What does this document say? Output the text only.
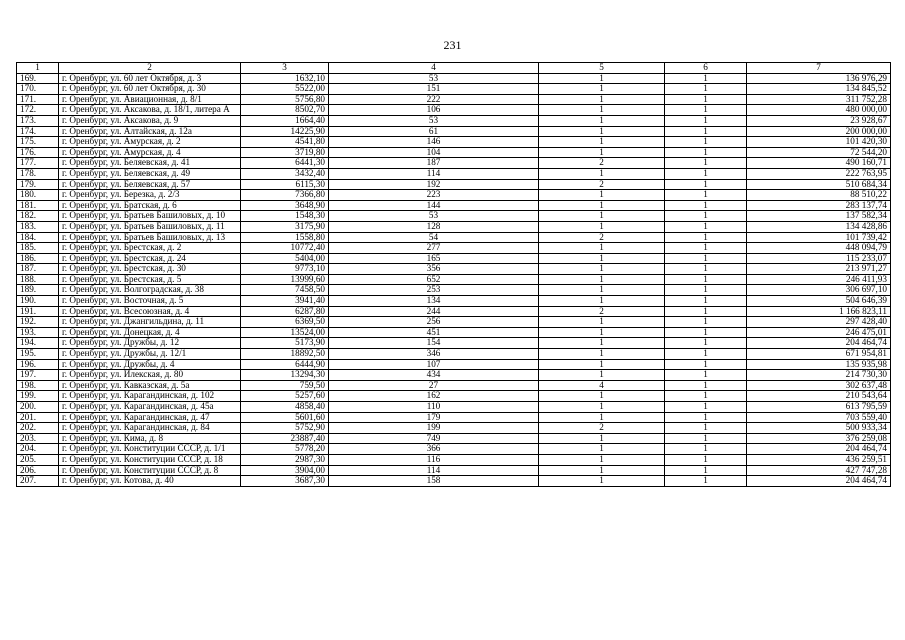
231
1	2	3	4	5	6	7
169.	г. Оренбург, ул. 60 лет Октября, д. 3	1632,10	53	1	1	136 976,29
170.	г. Оренбург, ул. 60 лет Октября, д. 30	5522,00	151	1	1	134 845,52
171.	г. Оренбург, ул. Авиационная, д. 8/1	5756,80	222	1	1	311 752,28
172.	г. Оренбург, ул. Аксакова, д. 18/1, литера А	8502,70	106	1	1	480 000,00
173.	г. Оренбург, ул. Аксакова, д. 9	1664,40	53	1	1	23 928,67
174.	г. Оренбург, ул. Алтайская, д. 12а	14225,90	61	1	1	200 000,00
175.	г. Оренбург, ул. Амурская, д. 2	4541,80	146	1	1	101 420,30
176.	г. Оренбург, ул. Амурская, д. 4	3719,80	104	1	1	72 544,20
177.	г. Оренбург, ул. Беляевская, д. 41	6441,30	187	2	1	490 160,71
178.	г. Оренбург, ул. Беляевская, д. 49	3432,40	114	1	1	222 763,95
179.	г. Оренбург, ул. Беляевская, д. 57	6115,30	192	2	1	510 684,34
180.	г. Оренбург, ул. Березка, д. 2/3	7366,80	223	1	1	88 510,22
181.	г. Оренбург, ул. Братская, д. 6	3648,90	144	1	1	283 137,74
182.	г. Оренбург, ул. Братьев Башиловых, д. 10	1548,30	53	1	1	137 582,34
183.	г. Оренбург, ул. Братьев Башиловых, д. 11	3175,90	128	1	1	134 428,86
184.	г. Оренбург, ул. Братьев Башиловых, д. 13	1558,80	54	2	1	101 739,42
185.	г. Оренбург, ул. Брестская, д. 2	10772,40	277	1	1	448 094,79
186.	г. Оренбург, ул. Брестская, д. 24	5404,00	165	1	1	115 233,07
187.	г. Оренбург, ул. Брестская, д. 30	9773,10	356	1	1	213 971,27
188.	г. Оренбург, ул. Брестская, д. 5	13999,60	652	1	1	246 411,93
189.	г. Оренбург, ул. Волгоградская, д. 38	7458,50	253	1	1	306 697,10
190.	г. Оренбург, ул. Восточная, д. 5	3941,40	134	1	1	504 646,39
191.	г. Оренбург, ул. Всесоюзная, д. 4	6287,80	244	2	1	1 166 823,11
192.	г. Оренбург, ул. Джангильдина, д. 11	6369,50	256	1	1	297 428,40
193.	г. Оренбург, ул. Донецкая, д. 4	13524,00	451	1	1	246 475,01
194.	г. Оренбург, ул. Дружбы, д. 12	5173,90	154	1	1	204 464,74
195.	г. Оренбург, ул. Дружбы, д. 12/1	18892,50	346	1	1	671 954,81
196.	г. Оренбург, ул. Дружбы, д. 4	6444,90	107	1	1	135 935,98
197.	г. Оренбург, ул. Илекская, д. 80	13294,30	434	1	1	214 730,30
198.	г. Оренбург, ул. Кавказская, д. 5а	759,50	27	4	1	302 637,48
199.	г. Оренбург, ул. Карагандинская, д. 102	5257,60	162	1	1	210 543,64
200.	г. Оренбург, ул. Карагандинская, д. 45а	4858,40	110	1	1	613 795,59
201.	г. Оренбург, ул. Карагандинская, д. 47	5601,60	179	1	1	703 559,40
202.	г. Оренбург, ул. Карагандинская, д. 84	5752,90	199	2	1	500 933,34
203.	г. Оренбург, ул. Кима, д. 8	23887,40	749	1	1	376 259,08
204.	г. Оренбург, ул. Конституции СССР, д. 1/1	5778,20	366	1	1	204 464,74
205.	г. Оренбург, ул. Конституции СССР, д. 18	2987,30	116	1	1	436 259,51
206.	г. Оренбург, ул. Конституции СССР, д. 8	3904,00	114	1	1	427 747,28
207.	г. Оренбург, ул. Котова, д. 40	3687,30	158	1	1	204 464,74
